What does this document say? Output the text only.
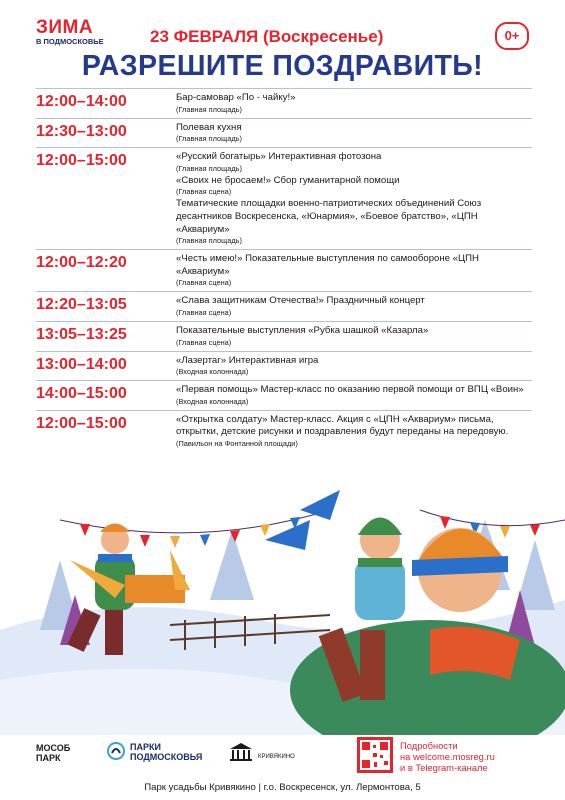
ЗИМА
В ПОДМОСКОВЬЕ	23 ФЕВРАЛЯ (Воскресенье)	0+
РАЗРЕШИТЕ ПОЗДРАВИТЬ!
12:00–14:00	Бар-самовар «По - чайку!»
(Главная площадь)
12:30–13:00	Полевая кухня
(Главная площадь)
12:00–15:00	«Русский богатырь» Интерактивная фотозона
(Главная площадь)
«Своих не бросаем!» Сбор гуманитарной помощи
(Главная сцена)
Тематические площадки военно-патриотических объединений Союз десантников Воскресенска, «Юнармия», «Боевое братство», «ЦПН «Аквариум»
(Главная площадь)
12:00–12:20	«Честь имею!» Показательные выступления по самообороне «ЦПН «Аквариум»
(Главная сцена)
12:20–13:05	«Слава защитникам Отечества!» Праздничный концерт
(Главная сцена)
13:05–13:25	Показательные выступления «Рубка шашкой «Казарла»
(Главная сцена)
13:00–14:00	«Лазертаг» Интерактивная игра
(Входная колоннада)
14:00–15:00	«Первая помощь» Мастер-класс по оказанию первой помощи от ВПЦ «Воин»
(Входная колоннада)
12:00–15:00	«Открытка солдату» Мастер-класс. Акция с «ЦПН «Аквариум» письма, открытки, детские рисунки и поздравления будут переданы на передовую.
(Павильон на Фонтанной площади)
МОСОБ
ПАРК
ПАРКИ
ПОДМОСКОВЬЯ	КРИВЯКИНО
Подробности
на welcome.mosreg.ru
и в Telegram-канале
Парк усадьбы Кривякино | г.о. Воскресенск, ул. Лермонтова, 5
